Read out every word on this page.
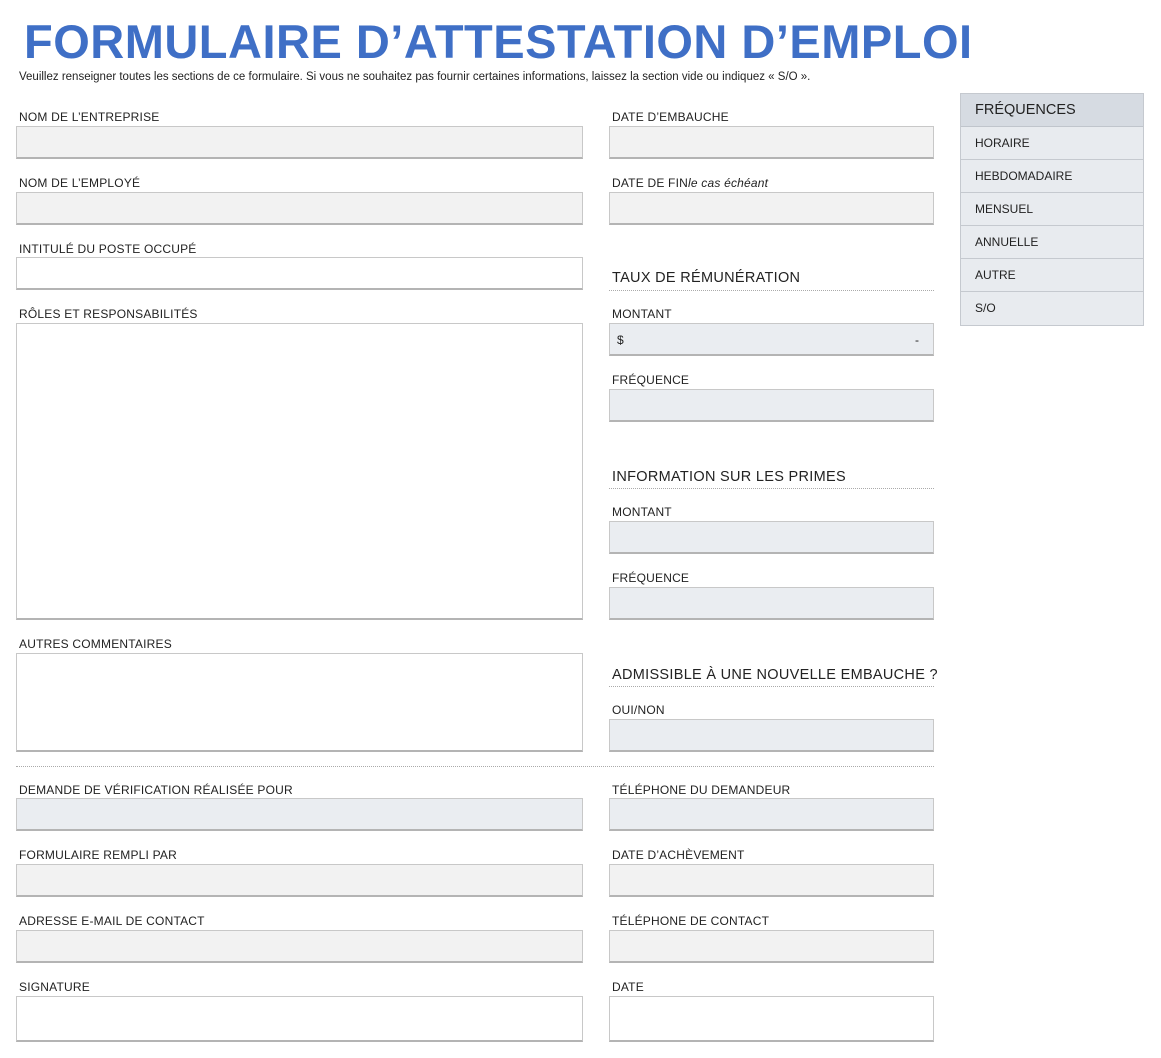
FORMULAIRE D’ATTESTATION D’EMPLOI
Veuillez renseigner toutes les sections de ce formulaire. Si vous ne souhaitez pas fournir certaines informations, laissez la section vide ou indiquez « S/O ».
NOM DE L’ENTREPRISE
NOM DE L’EMPLOYÉ
INTITULÉ DU POSTE OCCUPÉ
RÔLES ET RESPONSABILITÉS
AUTRES COMMENTAIRES
DEMANDE DE VÉRIFICATION RÉALISÉE POUR
FORMULAIRE REMPLI PAR
ADRESSE E-MAIL DE CONTACT
SIGNATURE
DATE D’EMBAUCHE
DATE DE FINle cas échéant
TAUX DE RÉMUNÉRATION
MONTANT
$	-
FRÉQUENCE
INFORMATION SUR LES PRIMES
MONTANT
FRÉQUENCE
ADMISSIBLE À UNE NOUVELLE EMBAUCHE ?
OUI/NON
TÉLÉPHONE DU DEMANDEUR
DATE D’ACHÈVEMENT
TÉLÉPHONE DE CONTACT
DATE
FRÉQUENCES
HORAIRE
HEBDOMADAIRE
MENSUEL
ANNUELLE
AUTRE
S/O
